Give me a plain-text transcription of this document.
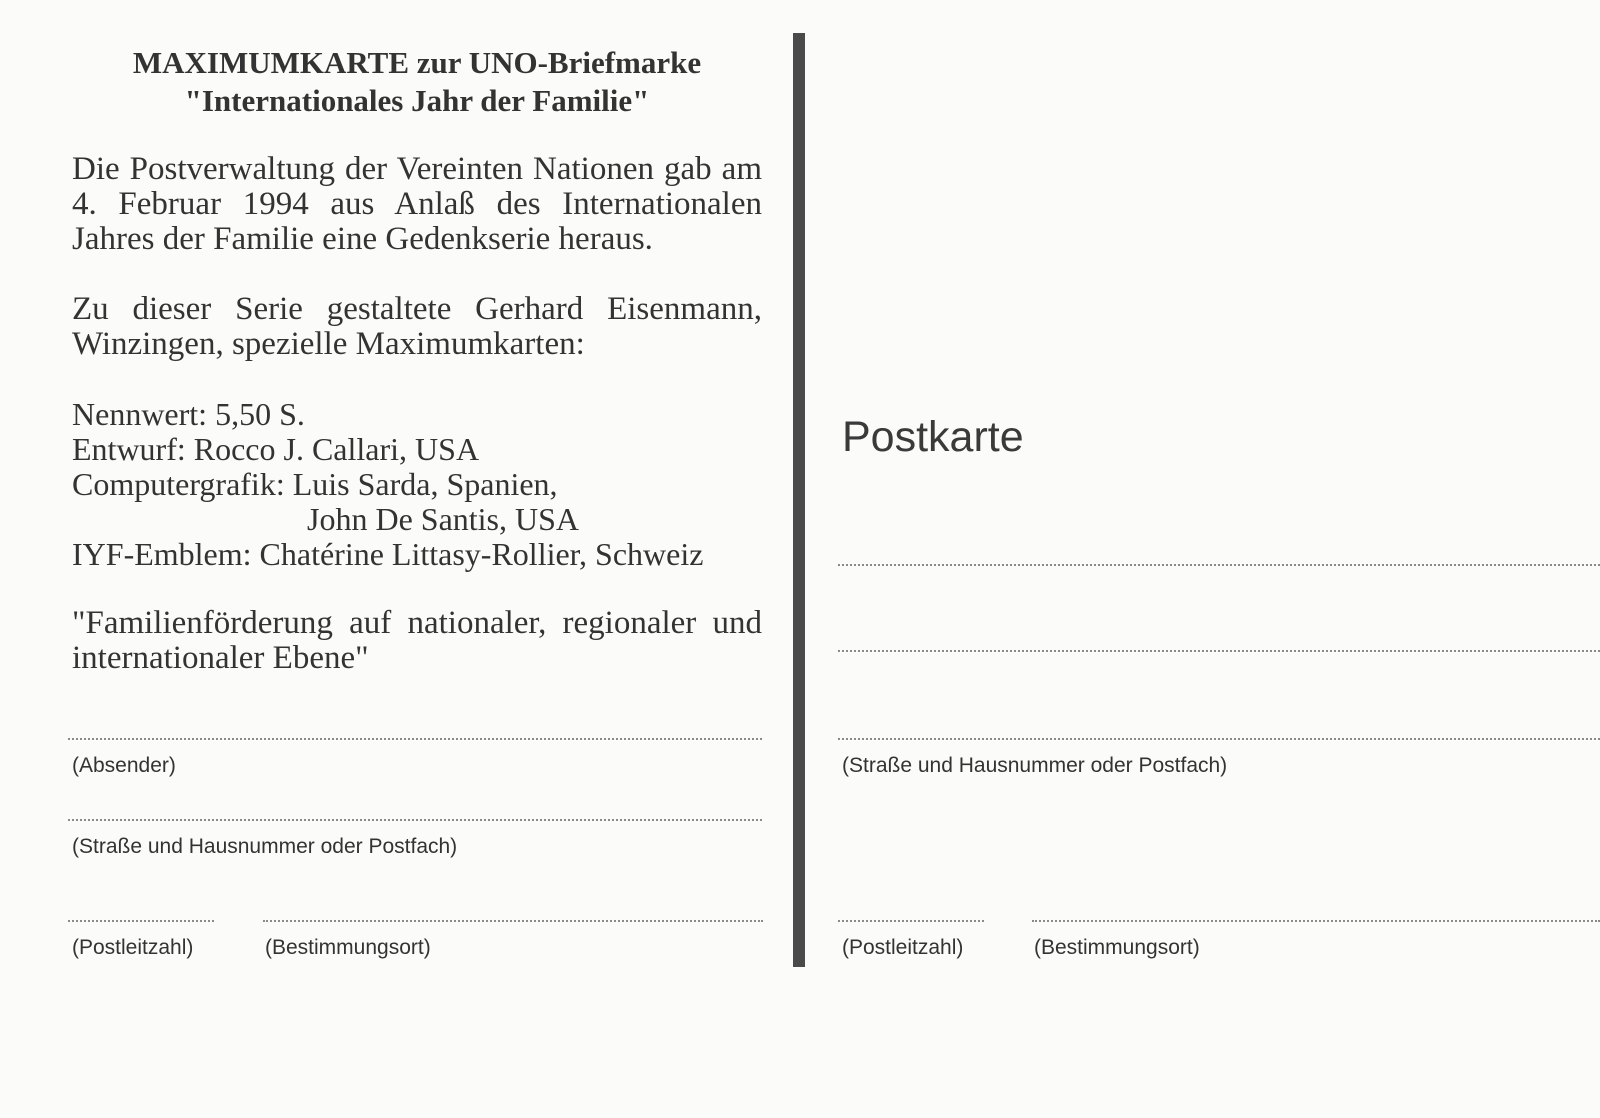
MAXIMUMKARTE zur UNO-Briefmarke
"Internationales Jahr der Familie"

Die Postverwaltung der Vereinten Nationen gab am 4. Februar 1994 aus Anlaß des Internationalen Jahres der Familie eine Gedenkserie heraus.

Zu dieser Serie gestaltete Gerhard Eisenmann, Winzingen, spezielle Maximumkarten:

Nennwert: 5,50 S.
Entwurf: Rocco J. Callari, USA
Computergrafik: Luis Sarda, Spanien,
John De Santis, USA
IYF-Emblem: Chatérine Littasy-Rollier, Schweiz

"Familienförderung auf nationaler, regionaler und internationaler Ebene"

(Absender)
(Straße und Hausnummer oder Postfach)
(Postleitzahl)	(Bestimmungsort)
Postkarte
(Straße und Hausnummer oder Postfach)
(Postleitzahl)	(Bestimmungsort)
